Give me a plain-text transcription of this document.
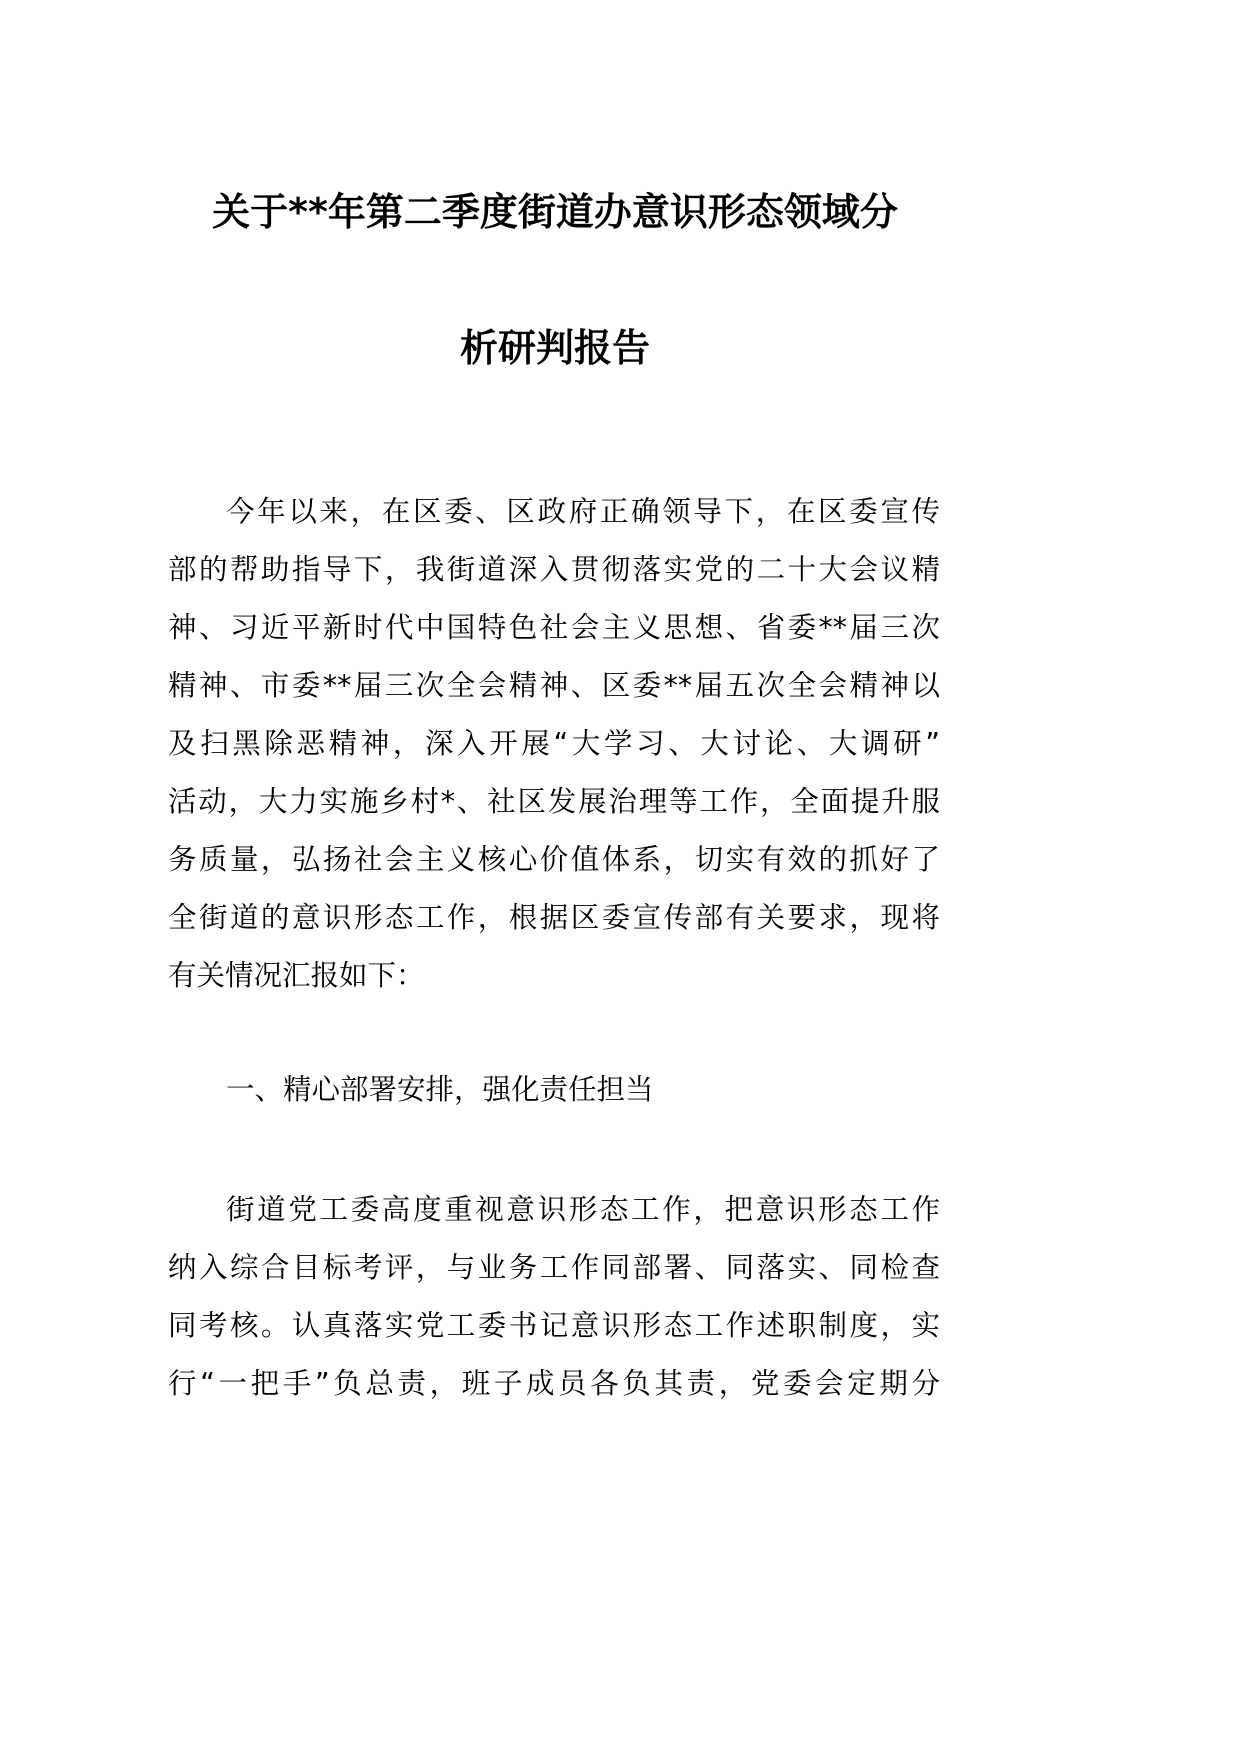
关于**年第二季度街道办意识形态领域分
析研判报告
今年以来，在区委、区政府正确领导下，在区委宣传
部的帮助指导下，我街道深入贯彻落实党的二十大会议精
神、习近平新时代中国特色社会主义思想、省委**届三次
精神、市委**届三次全会精神、区委**届五次全会精神以
及扫黑除恶精神，深入开展“大学习、大讨论、大调研”
活动，大力实施乡村*、社区发展治理等工作，全面提升服
务质量，弘扬社会主义核心价值体系，切实有效的抓好了
全街道的意识形态工作，根据区委宣传部有关要求，现将
有关情况汇报如下：
一、精心部署安排，强化责任担当
街道党工委高度重视意识形态工作，把意识形态工作
纳入综合目标考评，与业务工作同部署、同落实、同检查
同考核。认真落实党工委书记意识形态工作述职制度，实
行“一把手”负总责，班子成员各负其责，党委会定期分
